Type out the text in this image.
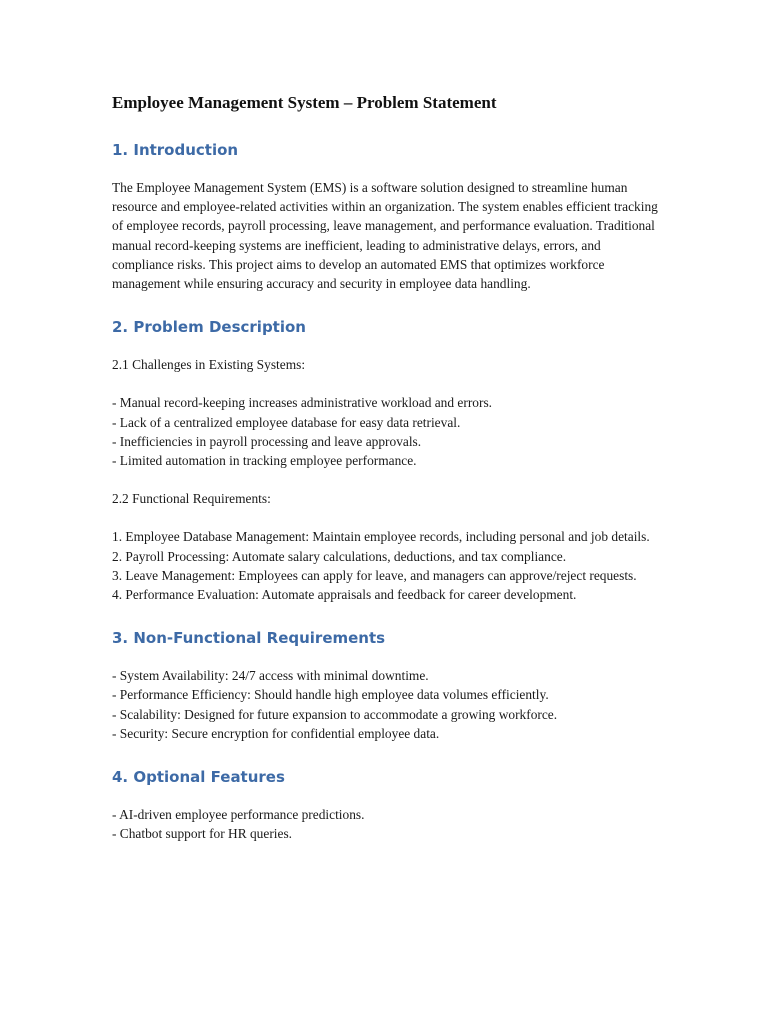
Employee Management System – Problem Statement
1. Introduction

The Employee Management System (EMS) is a software solution designed to streamline human resource and employee-related activities within an organization. The system enables efficient tracking of employee records, payroll processing, leave management, and performance evaluation. Traditional manual record-keeping systems are inefficient, leading to administrative delays, errors, and compliance risks. This project aims to develop an automated EMS that optimizes workforce management while ensuring accuracy and security in employee data handling.

2. Problem Description

2.1 Challenges in Existing Systems:

- Manual record-keeping increases administrative workload and errors.

- Lack of a centralized employee database for easy data retrieval.

- Inefficiencies in payroll processing and leave approvals.

- Limited automation in tracking employee performance.

2.2 Functional Requirements:

1. Employee Database Management: Maintain employee records, including personal and job details.

2. Payroll Processing: Automate salary calculations, deductions, and tax compliance.

3. Leave Management: Employees can apply for leave, and managers can approve/reject requests.

4. Performance Evaluation: Automate appraisals and feedback for career development.

3. Non-Functional Requirements

- System Availability: 24/7 access with minimal downtime.

- Performance Efficiency: Should handle high employee data volumes efficiently.

- Scalability: Designed for future expansion to accommodate a growing workforce.

- Security: Secure encryption for confidential employee data.

4. Optional Features

- AI-driven employee performance predictions.

- Chatbot support for HR queries.
